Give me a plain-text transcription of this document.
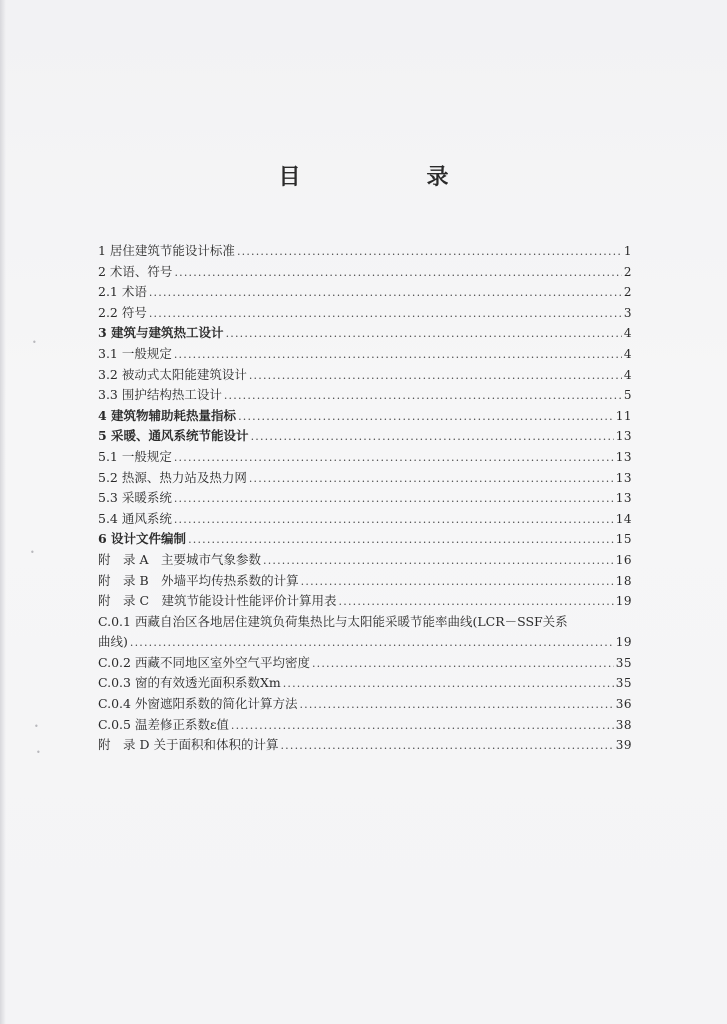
目　录
1 居住建筑节能设计标准 .....	1
2 术语、符号 .....	2
2.1 术语 .....	2
2.2 符号 .....	3
3 建筑与建筑热工设计 .....	4
3.1 一般规定 .....	4
3.2 被动式太阳能建筑设计 .....	4
3.3 围护结构热工设计 .....	5
4 建筑物辅助耗热量指标 .....	11
5 采暖、通风系统节能设计 .....	13
5.1 一般规定 .....	13
5.2 热源、热力站及热力网 .....	13
5.3 采暖系统 .....	13
5.4 通风系统 .....	14
6 设计文件编制 .....	15
附　录 A　主要城市气象参数 .....	16
附　录 B　外墙平均传热系数的计算 .....	18
附　录 C　建筑节能设计性能评价计算用表 .....	19
C.0.1 西藏自治区各地居住建筑负荷集热比与太阳能采暖节能率曲线(LCR－SSF关系
曲线) .....	19
C.0.2 西藏不同地区室外空气平均密度 .....	35
C.0.3 窗的有效透光面积系数Xm .....	35
C.0.4 外窗遮阳系数的简化计算方法 .....	36
C.0.5 温差修正系数ε值 .....	38
附　录 D 关于面积和体积的计算 .....	39
•
•
•
•
